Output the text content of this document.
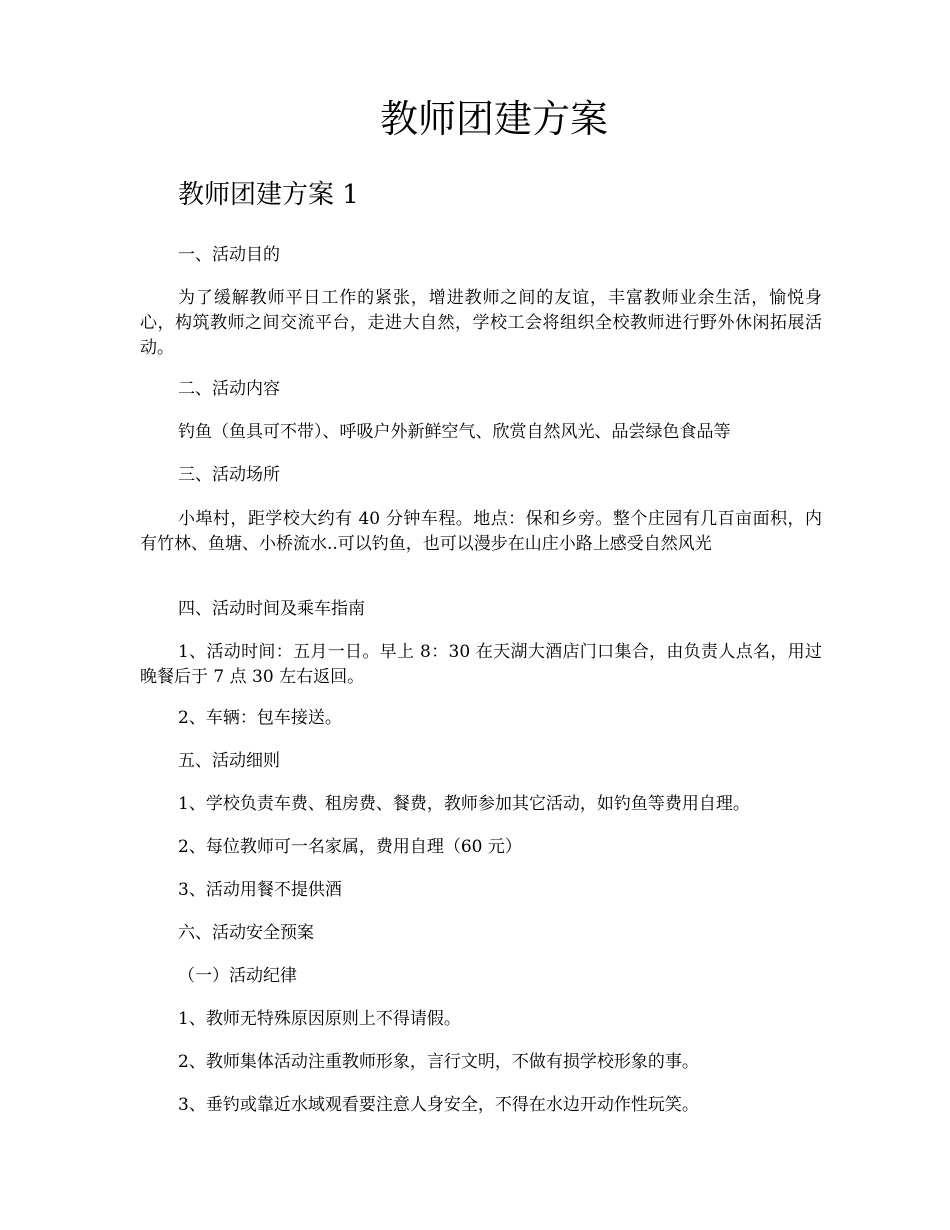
教师团建方案
教师团建方案 1

一、活动目的

为了缓解教师平日工作的紧张，增进教师之间的友谊，丰富教师业余生活，愉悦身心，构筑教师之间交流平台，走进大自然，学校工会将组织全校教师进行野外休闲拓展活动。

二、活动内容

钓鱼（鱼具可不带）、呼吸户外新鲜空气、欣赏自然风光、品尝绿色食品等

三、活动场所

小埠村，距学校大约有 40 分钟车程。地点：保和乡旁。整个庄园有几百亩面积，内有竹林、鱼塘、小桥流水..可以钓鱼，也可以漫步在山庄小路上感受自然风光

四、活动时间及乘车指南

1、活动时间：五月一日。早上 8：30 在天湖大酒店门口集合，由负责人点名，用过晚餐后于 7 点 30 左右返回。

2、车辆：包车接送。

五、活动细则

1、学校负责车费、租房费、餐费，教师参加其它活动，如钓鱼等费用自理。

2、每位教师可一名家属，费用自理（60 元）

3、活动用餐不提供酒

六、活动安全预案

（一）活动纪律

1、教师无特殊原因原则上不得请假。

2、教师集体活动注重教师形象，言行文明，不做有损学校形象的事。

3、垂钓或靠近水域观看要注意人身安全，不得在水边开动作性玩笑。
